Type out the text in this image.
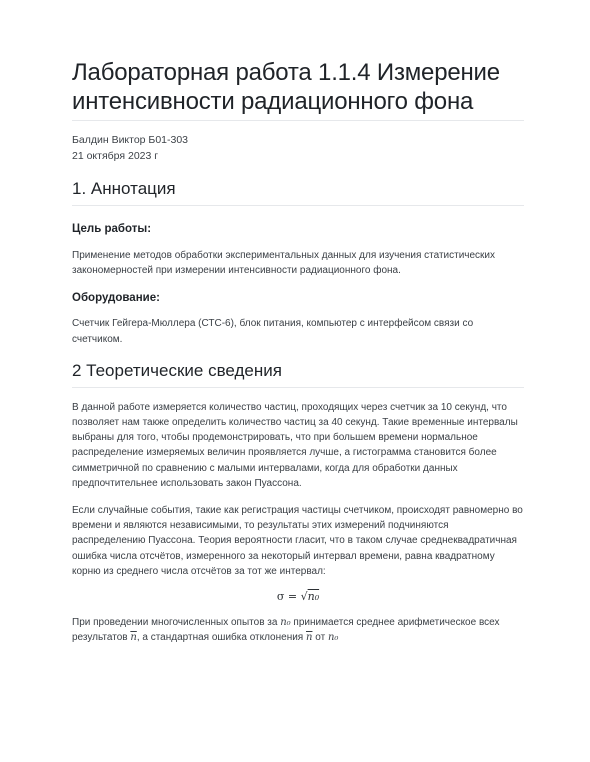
Лабораторная работа 1.1.4 Измерение интенсивности радиационного фона
Балдин Виктор Б01-303
21 октября 2023 г
1. Аннотация
Цель работы:

Применение методов обработки экспериментальных данных для изучения статистических закономерностей при измерении интенсивности радиационного фона.

Оборудование:

Счетчик Гейгера-Мюллера (СТС-6), блок питания, компьютер с интерфейсом связи со счетчиком.

2 Теоретические сведения

В данной работе измеряется количество частиц, проходящих через счетчик за 10 секунд, что позволяет нам также определить количество частиц за 40 секунд. Такие временные интервалы выбраны для того, чтобы продемонстрировать, что при большем времени нормальное распределение измеряемых величин проявляется лучше, а гистограмма становится более симметричной по сравнению с малыми интервалами, когда для обработки данных предпочтительнее использовать закон Пуассона.

Если случайные события, такие как регистрация частицы счетчиком, происходят равномерно во времени и являются независимыми, то результаты этих измерений подчиняются распределению Пуассона. Теория вероятности гласит, что в таком случае среднеквадратичная ошибка числа отсчётов, измеренного за некоторый интервал времени, равна квадратному корню из среднего числа отсчётов за тот же интервал:

σ = √n₀

При проведении многочисленных опытов за n₀ принимается среднее арифметическое всех результатов $\overline{n}$, а стандартная ошибка отклонения $\overline{n}$ от n₀
